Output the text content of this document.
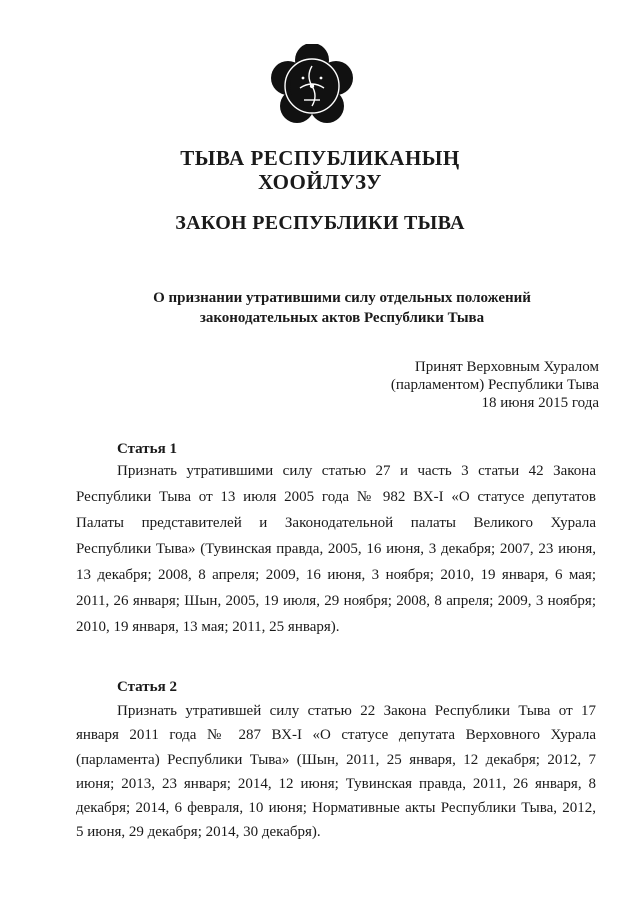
ТЫВА РЕСПУБЛИКАНЫҢ
ХООЙЛУЗУ
ЗАКОН РЕСПУБЛИКИ ТЫВА
О признании утратившими силу отдельных положений
законодательных актов Республики Тыва
Принят Верховным Хуралом
(парламентом) Республики Тыва
18 июня 2015 года
Статья 1
Признать утратившими силу статью 27 и часть 3 статьи 42 Закона
Республики Тыва от 13 июля 2005 года № 982 ВХ-I «О статусе депутатов
Палаты представителей и Законодательной палаты Великого Хурала
Республики Тыва» (Тувинская правда, 2005, 16 июня, 3 декабря; 2007, 23 июня,
13 декабря; 2008, 8 апреля; 2009, 16 июня, 3 ноября; 2010, 19 января, 6 мая;
2011, 26 января; Шын, 2005, 19 июля, 29 ноября; 2008, 8 апреля; 2009, 3 ноября;
2010, 19 января, 13 мая; 2011, 25 января).
Статья 2
Признать утратившей силу статью 22 Закона Республики Тыва от 17
января 2011 года № 287 ВХ-I «О статусе депутата Верховного Хурала
(парламента) Республики Тыва» (Шын, 2011, 25 января, 12 декабря; 2012, 7
июня; 2013, 23 января; 2014, 12 июня; Тувинская правда, 2011, 26 января, 8
декабря; 2014, 6 февраля, 10 июня; Нормативные акты Республики Тыва, 2012,
5 июня, 29 декабря; 2014, 30 декабря).
